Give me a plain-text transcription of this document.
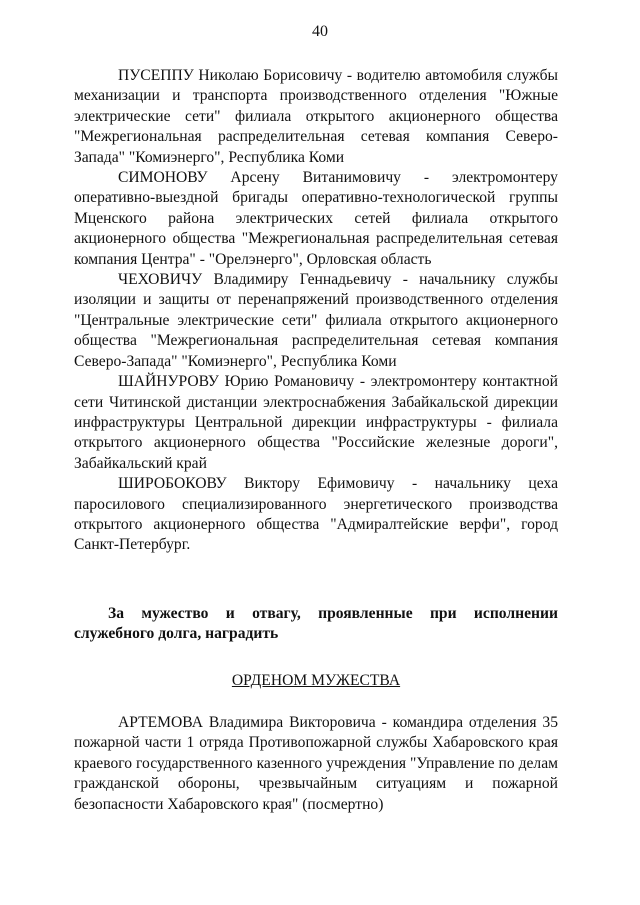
40

ПУСЕППУ Николаю Борисовичу - водителю автомобиля службы механизации и транспорта производственного отделения "Южные электрические сети" филиала открытого акционерного общества "Межрегиональная распределительная сетевая компания Северо-Запада" "Комиэнерго", Республика Коми

СИМОНОВУ Арсену Витанимовичу - электромонтеру оперативно-выездной бригады оперативно-технологической группы Мценского района электрических сетей филиала открытого акционерного общества "Межрегиональная распределительная сетевая компания Центра" - "Орелэнерго", Орловская область

ЧЕХОВИЧУ Владимиру Геннадьевичу - начальнику службы изоляции и защиты от перенапряжений производственного отделения "Центральные электрические сети" филиала открытого акционерного общества "Межрегиональная распределительная сетевая компания Северо-Запада" "Комиэнерго", Республика Коми

ШАЙНУРОВУ Юрию Романовичу - электромонтеру контактной сети Читинской дистанции электроснабжения Забайкальской дирекции инфраструктуры Центральной дирекции инфраструктуры - филиала открытого акционерного общества "Российские железные дороги", Забайкальский край

ШИРОБОКОВУ Виктору Ефимовичу - начальнику цеха паросилового специализированного энергетического производства открытого акционерного общества "Адмиралтейские верфи", город Санкт-Петербург.

За мужество и отвагу, проявленные при исполнении служебного долга, наградить

ОРДЕНОМ МУЖЕСТВА

АРТЕМОВА Владимира Викторовича - командира отделения 35 пожарной части 1 отряда Противопожарной службы Хабаровского края краевого государственного казенного учреждения "Управление по делам гражданской обороны, чрезвычайным ситуациям и пожарной безопасности Хабаровского края" (посмертно)
